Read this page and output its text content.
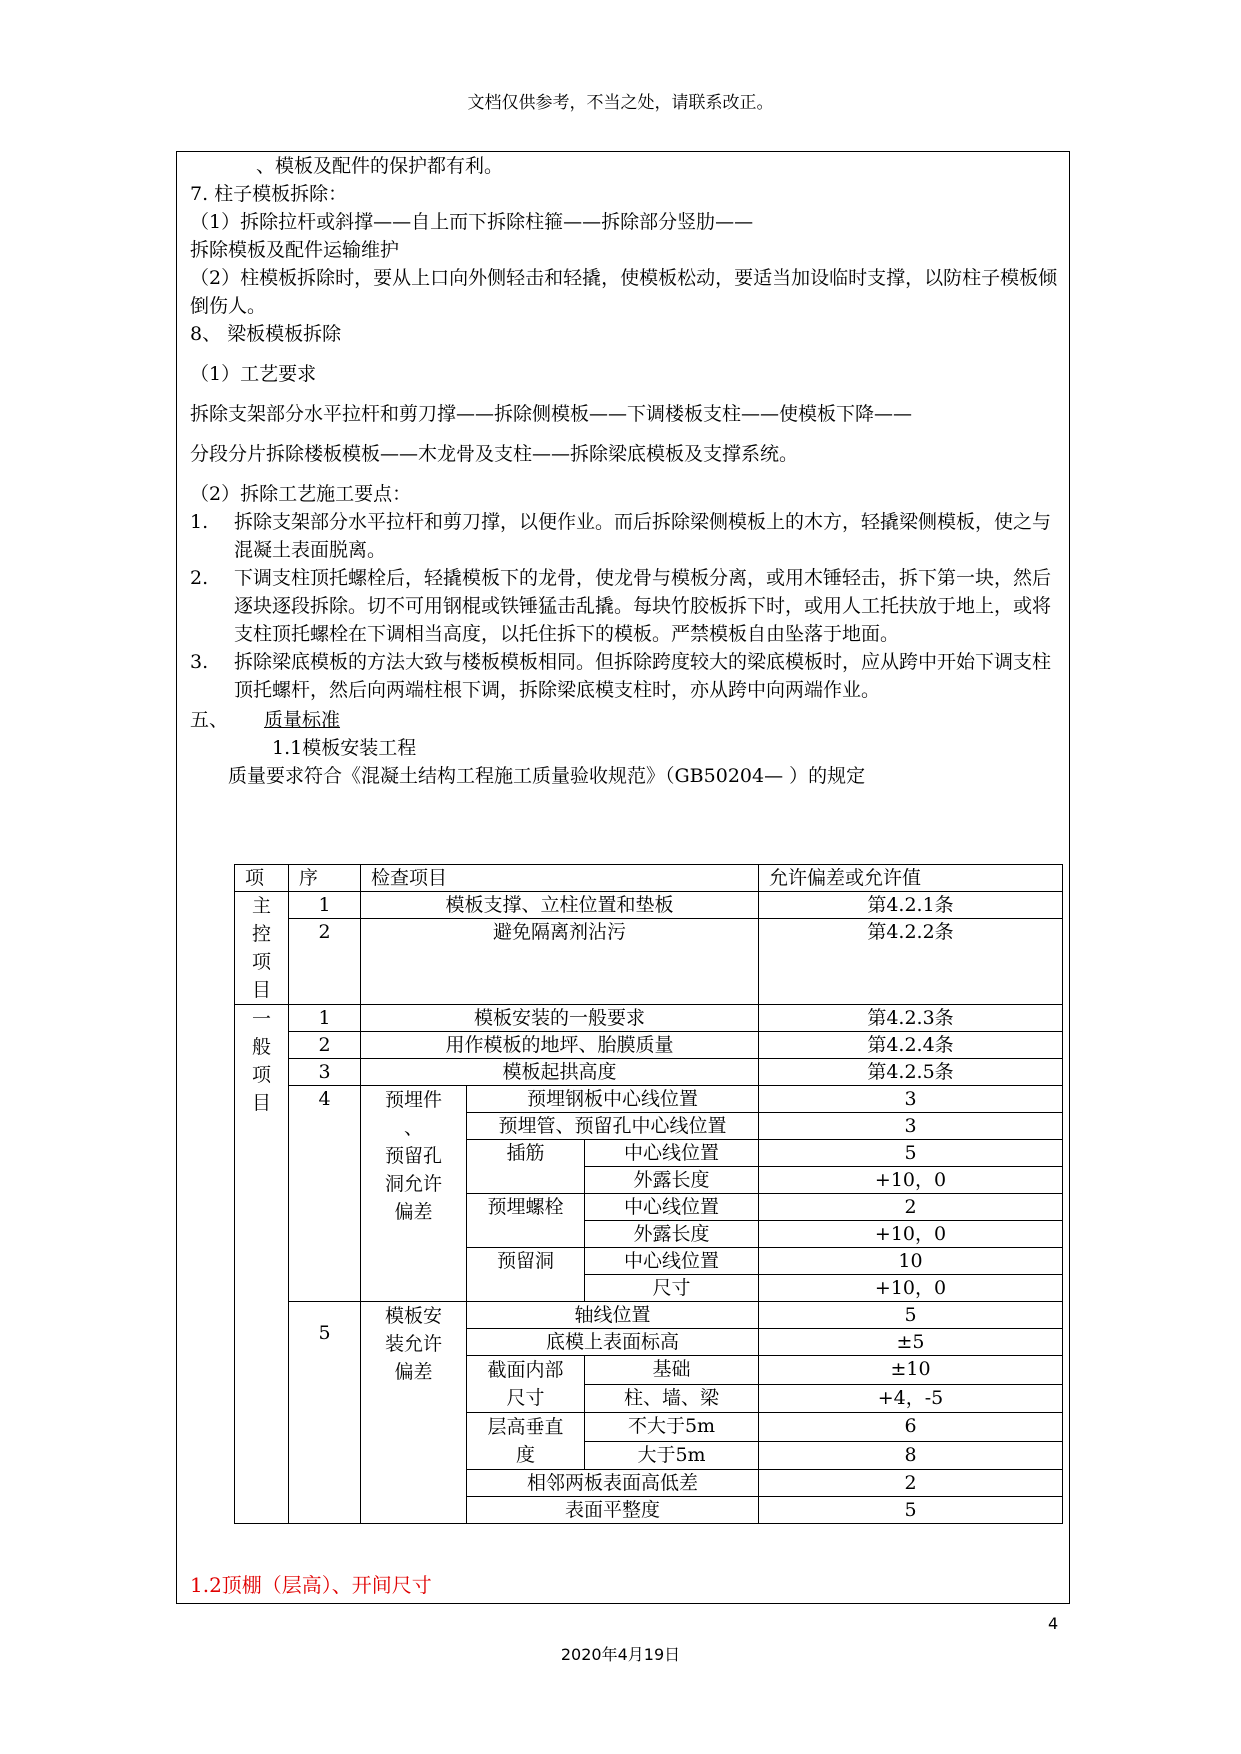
文档仅供参考，不当之处，请联系改正。

、模板及配件的保护都有利。

7. 柱子模板拆除：

（1）拆除拉杆或斜撑——自上而下拆除柱箍——拆除部分竖肋——

拆除模板及配件运输维护

（2）柱模板拆除时，要从上口向外侧轻击和轻撬，使模板松动，要适当加设临时支撑，以防柱子模板倾倒伤人。

8、 梁板模板拆除

（1）工艺要求

拆除支架部分水平拉杆和剪刀撑——拆除侧模板——下调楼板支柱——使模板下降——

分段分片拆除楼板模板——木龙骨及支柱——拆除梁底模板及支撑系统。

（2）拆除工艺施工要点：

1.	拆除支架部分水平拉杆和剪刀撑，以便作业。而后拆除梁侧模板上的木方，轻撬梁侧模板，使之与混凝土表面脱离。
2.	下调支柱顶托螺栓后，轻撬模板下的龙骨，使龙骨与模板分离，或用木锤轻击，拆下第一块，然后逐块逐段拆除。切不可用钢棍或铁锤猛击乱撬。每块竹胶板拆下时，或用人工托扶放于地上，或将支柱顶托螺栓在下调相当高度，以托住拆下的模板。严禁模板自由坠落于地面。
3.	拆除梁底模板的方法大致与楼板模板相同。但拆除跨度较大的梁底模板时，应从跨中开始下调支柱顶托螺杆，然后向两端柱根下调，拆除梁底模支柱时，亦从跨中向两端作业。

五、	质量标准

1.1模板安装工程

质量要求符合《混凝土结构工程施工质量验收规范》（GB50204— ）的规定

项	序	检查项目			允许偏差或允许值
主
控
项
目	1	模板支撑、立柱位置和垫板			第4.2.1条
	2	避免隔离剂沾污			第4.2.2条
一
般
项
目	1	模板安装的一般要求			第4.2.3条
	2	用作模板的地坪、胎膜质量			第4.2.4条
	3	模板起拱高度			第4.2.5条
	4	预埋件
、
预留孔
洞允许
偏差	预埋钢板中心线位置		3
			预埋管、预留孔中心线位置		3
			插筋	中心线位置	5
				外露长度	+10，0
			预埋螺栓	中心线位置	2
				外露长度	+10，0
			预留洞	中心线位置	10
				尺寸	+10，0
	5	模板安
装允许
偏差	轴线位置		5
			底模上表面标高		±5
			截面内部
尺寸	基础	±10
				柱、墙、梁	+4，-5
			层高垂直
度	不大于5m	6
				大于5m	8
			相邻两板表面高低差		2
			表面平整度		5
1.2顶棚（层高）、开间尺寸
4
2020年4月19日
